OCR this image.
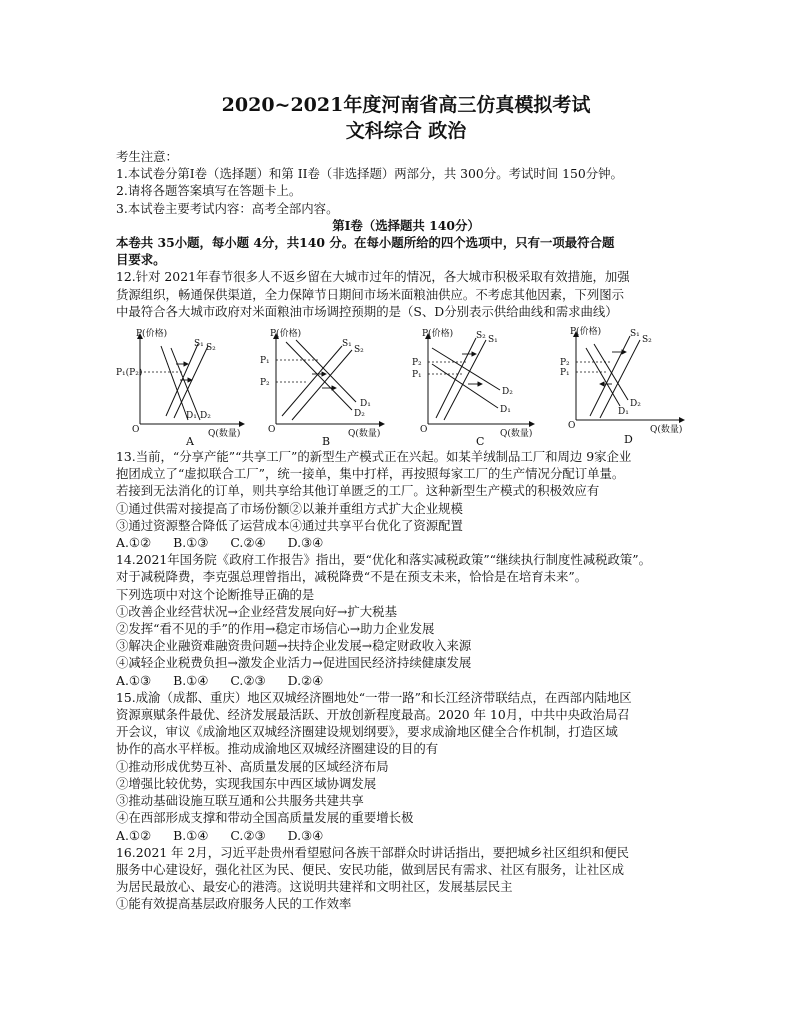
2020~2021年度河南省高三仿真模拟考试

文科综合 政治

考生注意：

1.本试卷分第Ⅰ卷（选择题）和第 II卷（非选择题）两部分，共 300分。考试时间 150分钟。

2.请将各题答案填写在答题卡上。

3.本试卷主要考试内容：高考全部内容。

第Ⅰ卷（选择题共 140分）

本卷共 35小题，每小题 4分，共140 分。在每小题所给的四个选项中，只有一项最符合题

目要求。

12.针对 2021年春节很多人不返乡留在大城市过年的情况，各大城市积极采取有效措施，加强

货源组织，畅通保供渠道，全力保障节日期间市场米面粮油供应。不考虑其他因素，下列图示

中最符合各大城市政府对米面粮油市场调控预期的是（S、D分别表示供给曲线和需求曲线）

P(价格)
Q(数量)
O
P₁(P₂)
S₁ S₂
D₁ D₂
A
P(价格)
Q(数量)
O
P₁
P₂
S₁
S₂
D₂
D₁
B
P(价格)
Q(数量)
O
P₂
P₁
S₂ S₁
D₂
D₁
C
P(价格)
Q(数量)
O
P₂
P₁
S₁
S₂
D₁
D₂
D

13.当前，“分享产能”“共享工厂”的新型生产模式正在兴起。如某羊绒制品工厂和周边 9家企业

抱团成立了“虚拟联合工厂”，统一接单，集中打样，再按照每家工厂的生产情况分配订单量。

若接到无法消化的订单，则共享给其他订单匮乏的工厂。这种新型生产模式的积极效应有

①通过供需对接提高了市场份额②以兼并重组方式扩大企业规模

③通过资源整合降低了运营成本④通过共享平台优化了资源配置

A.①② B.①③ C.②④ D.③④

14.2021年国务院《政府工作报告》指出，要“优化和落实减税政策”“继续执行制度性减税政策”。

对于减税降费，李克强总理曾指出，减税降费“不是在预支未来，恰恰是在培育未来”。

下列选项中对这个论断推导正确的是

①改善企业经营状况→企业经营发展向好→扩大税基

②发挥“看不见的手”的作用→稳定市场信心→助力企业发展

③解决企业融资难融资贵问题→扶持企业发展→稳定财政收入来源

④减轻企业税费负担→激发企业活力→促进国民经济持续健康发展

A.①③ B.①④ C.②③ D.②④

15.成渝（成都、重庆）地区双城经济圈地处“一带一路”和长江经济带联结点，在西部内陆地区

资源禀赋条件最优、经济发展最活跃、开放创新程度最高。2020 年 10月，中共中央政治局召

开会议，审议《成渝地区双城经济圈建设规划纲要》，要求成渝地区健全合作机制，打造区域

协作的高水平样板。推动成渝地区双城经济圈建设的目的有

①推动形成优势互补、高质量发展的区域经济布局

②增强比较优势，实现我国东中西区域协调发展

③推动基础设施互联互通和公共服务共建共享

④在西部形成支撑和带动全国高质量发展的重要增长极

A.①② B.①④ C.②③ D.③④

16.2021 年 2月，习近平赴贵州看望慰问各族干部群众时讲话指出，要把城乡社区组织和便民

服务中心建设好，强化社区为民、便民、安民功能，做到居民有需求、社区有服务，让社区成

为居民最放心、最安心的港湾。这说明共建祥和文明社区，发展基层民主

①能有效提高基层政府服务人民的工作效率
